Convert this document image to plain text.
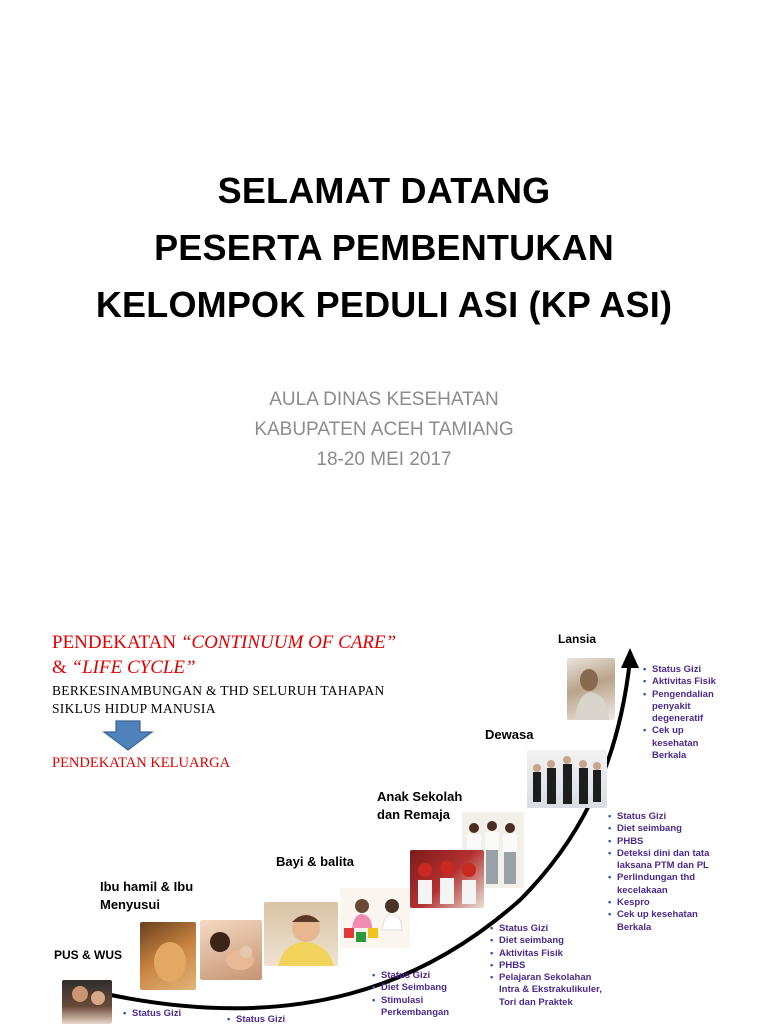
SELAMAT DATANG
PESERTA PEMBENTUKAN
KELOMPOK PEDULI ASI (KP ASI)
AULA DINAS KESEHATAN
KABUPATEN ACEH TAMIANG
18-20 MEI 2017
PENDEKATAN “CONTINUUM OF CARE”
& “LIFE CYCLE”
BERKESINAMBUNGAN & THD SELURUH TAHAPAN
SIKLUS HIDUP MANUSIA
PENDEKATAN KELUARGA
Lansia
Dewasa
Anak Sekolah
dan Remaja
Bayi & balita
Ibu hamil & Ibu
Menyusui
PUS & WUS
• Status Gizi
• Aktivitas Fisik
• Pengendalian penyakit degeneratif
• Cek up kesehatan Berkala
• Status Gizi
• Diet seimbang
• PHBS
• Deteksi dini dan tata laksana PTM dan PL
• Perlindungan thd kecelakaan
• Kespro
• Cek up kesehatan Berkala
• Status Gizi
• Diet seimbang
• Aktivitas Fisik
• PHBS
• Pelajaran Sekolahan Intra & Ekstrakulikuler, Tori dan Praktek
• Status Gizi
• Diet Seimbang
• Stimulasi Perkembangan
• Status Gizi
• Status Gizi
